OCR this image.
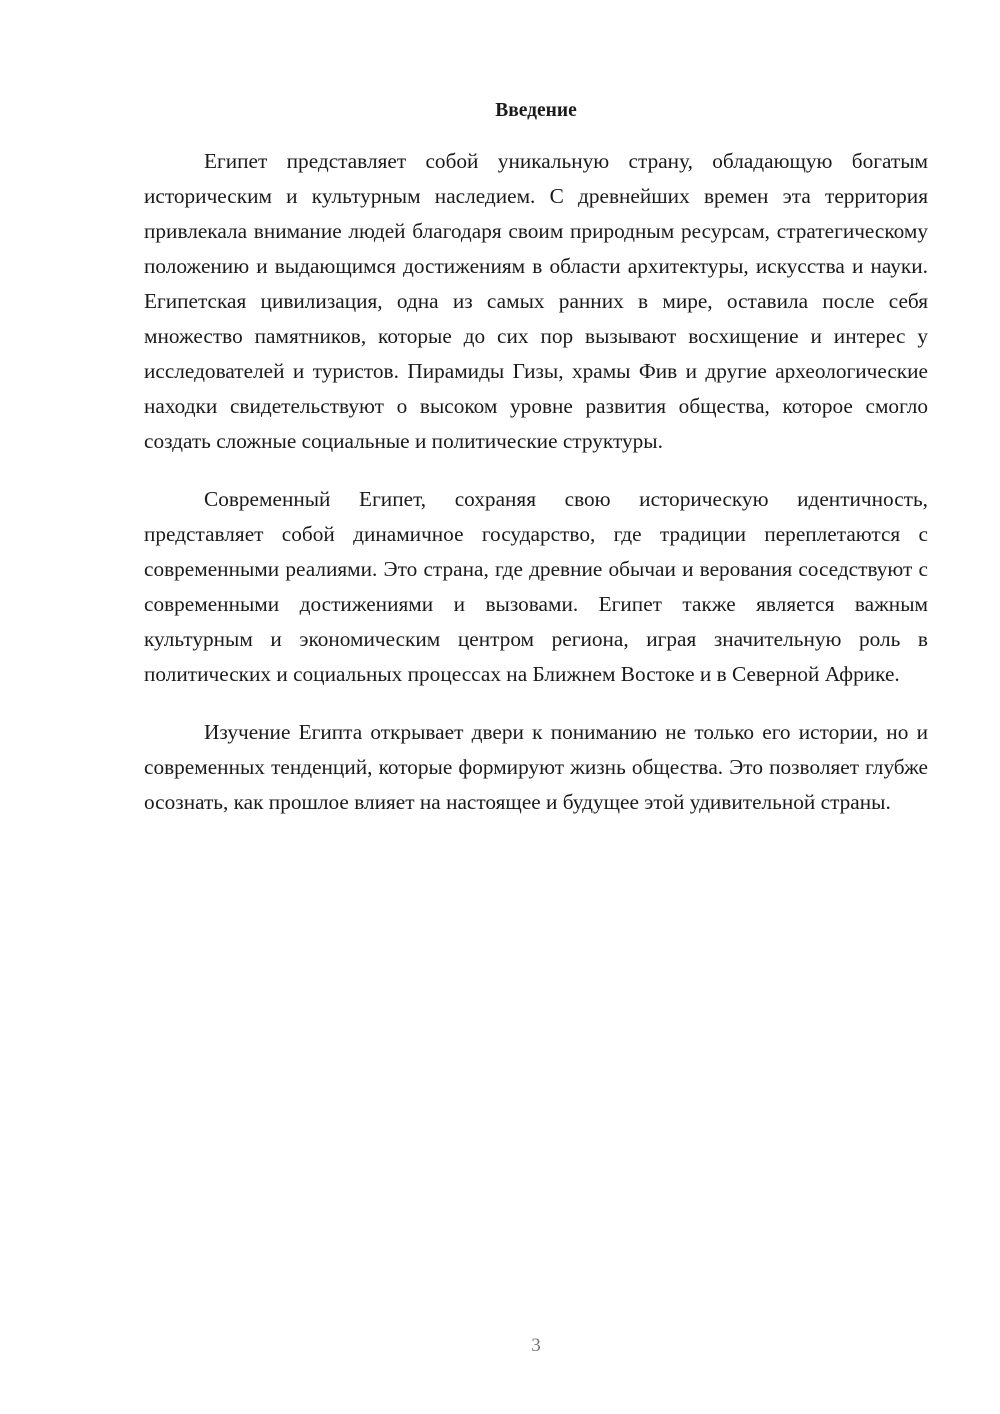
Введение

Египет представляет собой уникальную страну, обладающую богатым историческим и культурным наследием. С древнейших времен эта территория привлекала внимание людей благодаря своим природным ресурсам, стратегическому положению и выдающимся достижениям в области архитектуры, искусства и науки. Египетская цивилизация, одна из самых ранних в мире, оставила после себя множество памятников, которые до сих пор вызывают восхищение и интерес у исследователей и туристов. Пирамиды Гизы, храмы Фив и другие археологические находки свидетельствуют о высоком уровне развития общества, которое смогло создать сложные социальные и политические структуры.

Современный Египет, сохраняя свою историческую идентичность, представляет собой динамичное государство, где традиции переплетаются с современными реалиями. Это страна, где древние обычаи и верования соседствуют с современными достижениями и вызовами. Египет также является важным культурным и экономическим центром региона, играя значительную роль в политических и социальных процессах на Ближнем Востоке и в Северной Африке.

Изучение Египта открывает двери к пониманию не только его истории, но и современных тенденций, которые формируют жизнь общества. Это позволяет глубже осознать, как прошлое влияет на настоящее и будущее этой удивительной страны.

3
